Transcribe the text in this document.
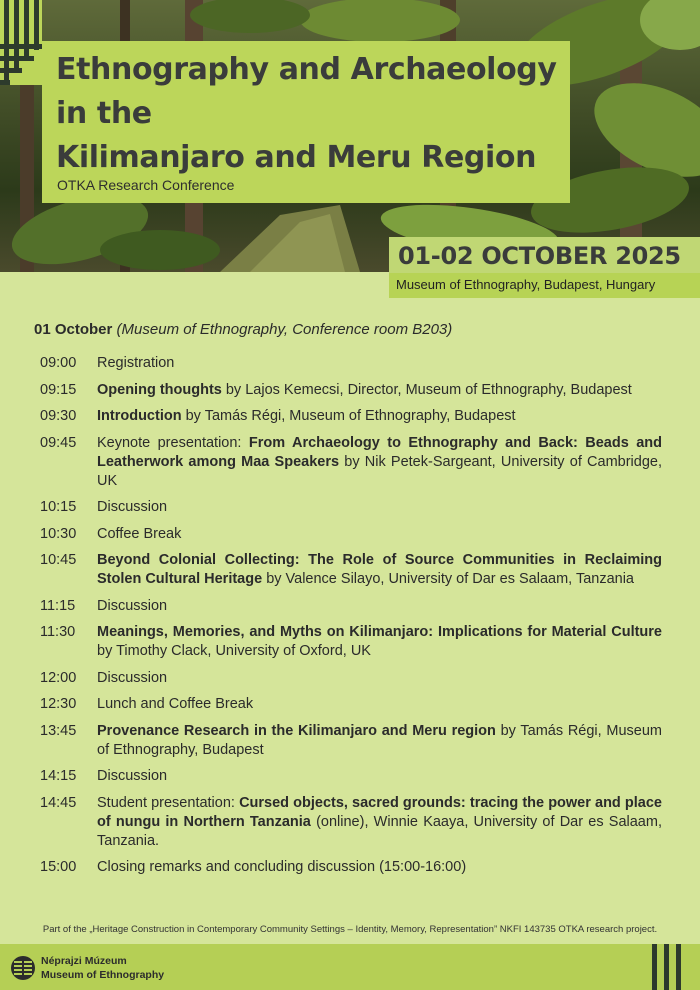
Ethnography and Archaeology
in the
Kilimanjaro and Meru Region
OTKA Research Conference
01-02 OCTOBER 2025
Museum of Ethnography, Budapest, Hungary
01 October (Museum of Ethnography, Conference room B203)
09:00	Registration
09:15	Opening thoughts by Lajos Kemecsi, Director, Museum of Ethnography, Budapest
09:30	Introduction by Tamás Régi, Museum of Ethnography, Budapest
09:45	Keynote presentation: From Archaeology to Ethnography and Back: Beads and Leatherwork among Maa Speakers by Nik Petek-Sargeant, University of Cambridge, UK
10:15	Discussion
10:30	Coffee Break
10:45	Beyond Colonial Collecting: The Role of Source Communities in Reclaiming Stolen Cultural Heritage by Valence Silayo, University of Dar es Salaam, Tanzania
11:15	Discussion
11:30	Meanings, Memories, and Myths on Kilimanjaro: Implications for Material Culture by Timothy Clack, University of Oxford, UK
12:00	Discussion
12:30	Lunch and Coffee Break
13:45	Provenance Research in the Kilimanjaro and Meru region by Tamás Régi, Museum of Ethnography, Budapest
14:15	Discussion
14:45	Student presentation: Cursed objects, sacred grounds: tracing the power and place of nungu in Northern Tanzania (online), Winnie Kaaya, University of Dar es Salaam, Tanzania.
15:00	Closing remarks and concluding discussion (15:00-16:00)
Part of the „Heritage Construction in Contemporary Community Settings – Identity, Memory, Representation” NKFI 143735 OTKA research project.
Néprajzi Múzeum
Museum of Ethnography
